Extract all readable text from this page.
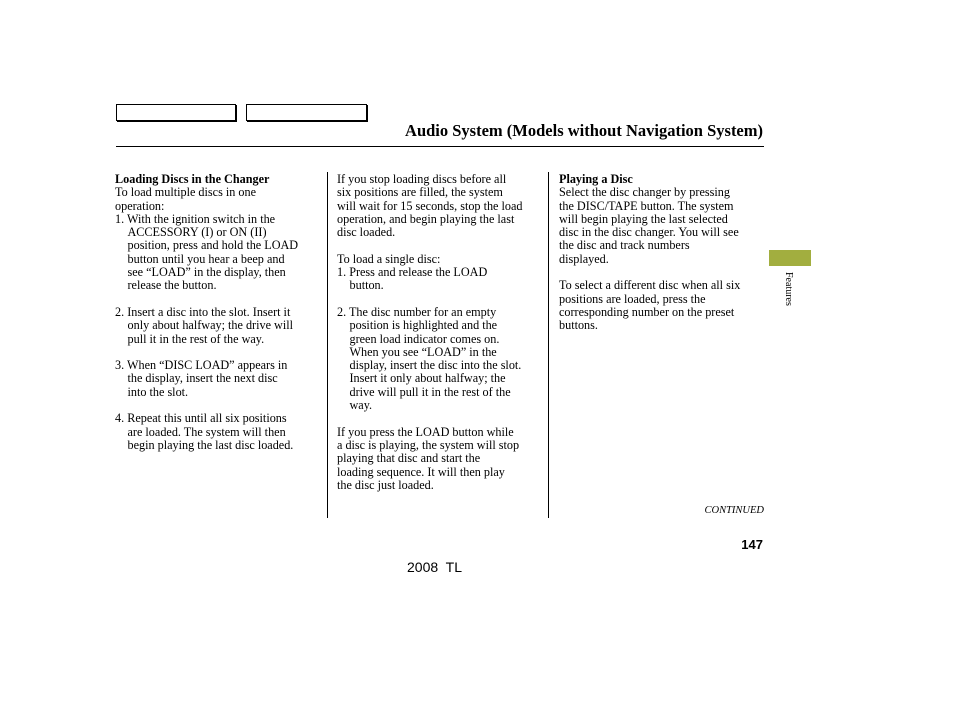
Audio System (Models without Navigation System)
Loading Discs in the Changer
To load multiple discs in one
operation:
1. With the ignition switch in the
ACCESSORY (I) or ON (II)
position, press and hold the LOAD
button until you hear a beep and
see “LOAD” in the display, then
release the button.
2. Insert a disc into the slot. Insert it
only about halfway; the drive will
pull it in the rest of the way.
3. When “DISC LOAD” appears in
the display, insert the next disc
into the slot.
4. Repeat this until all six positions
are loaded. The system will then
begin playing the last disc loaded.
If you stop loading discs before all
six positions are filled, the system
will wait for 15 seconds, stop the load
operation, and begin playing the last
disc loaded.
To load a single disc:
1. Press and release the LOAD
button.
2. The disc number for an empty
position is highlighted and the
green load indicator comes on.
When you see “LOAD” in the
display, insert the disc into the slot.
Insert it only about halfway; the
drive will pull it in the rest of the
way.
If you press the LOAD button while
a disc is playing, the system will stop
playing that disc and start the
loading sequence. It will then play
the disc just loaded.
Playing a Disc
Select the disc changer by pressing
the DISC/TAPE button. The system
will begin playing the last selected
disc in the disc changer. You will see
the disc and track numbers
displayed.
To select a different disc when all six
positions are loaded, press the
corresponding number on the preset
buttons.
Features
CONTINUED
147
2008  TL
